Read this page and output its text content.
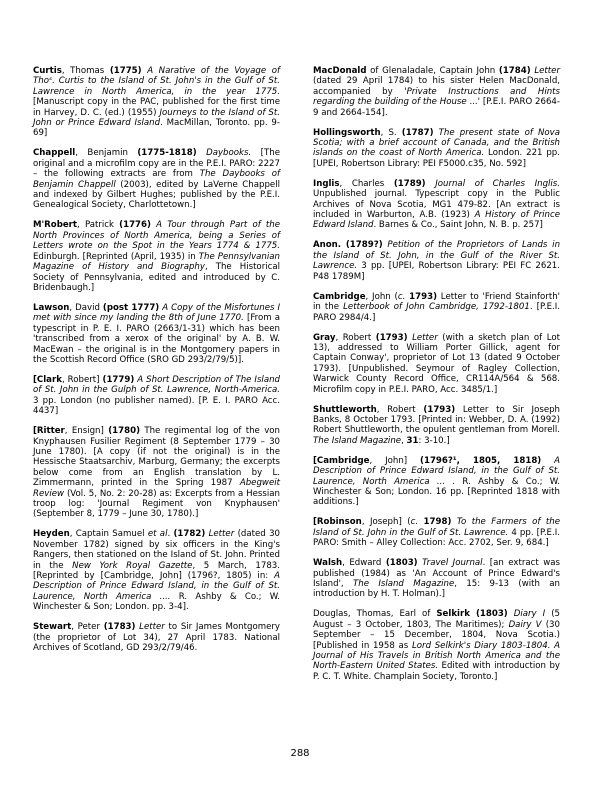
Curtis, Thomas (1775) A Narative of the Voyage of Thoˢ. Curtis to the Island of St. John's in the Gulf of St. Lawrence in North America, in the year 1775. [Manuscript copy in the PAC, published for the first time in Harvey, D. C. (ed.) (1955) Journeys to the Island of St. John or Prince Edward Island. MacMillan, Toronto. pp. 9-69]

Chappell, Benjamin (1775-1818) Daybooks. [The original and a microfilm copy are in the P.E.I. PARO: 2227 – the following extracts are from The Daybooks of Benjamin Chappell (2003), edited by LaVerne Chappell and indexed by Gilbert Hughes; published by the P.E.I. Genealogical Society, Charlottetown.]

M'Robert, Patrick (1776) A Tour through Part of the North Provinces of North America, being a Series of Letters wrote on the Spot in the Years 1774 & 1775. Edinburgh. [Reprinted (April, 1935) in The Pennsylvanian Magazine of History and Biography, The Historical Society of Pennsylvania, edited and introduced by C. Bridenbaugh.]

Lawson, David (post 1777) A Copy of the Misfortunes I met with since my landing the 8th of June 1770. [From a typescript in P. E. I. PARO (2663/1-31) which has been 'transcribed from a xerox of the original' by A. B. W. MacEwan – the original is in the Montgomery papers in the Scottish Record Office (SRO GD 293/2/79/5)].

[Clark, Robert] (1779) A Short Description of The Island of St. John in the Gulph of St. Lawrence, North-America. 3 pp. London (no publisher named). [P. E. I. PARO Acc. 4437]

[Ritter, Ensign] (1780) The regimental log of the von Knyphausen Fusilier Regiment (8 September 1779 – 30 June 1780). [A copy (if not the original) is in the Hessische Staatsarchiv, Marburg, Germany; the excerpts below come from an English translation by L. Zimmermann, printed in the Spring 1987 Abegweit Review (Vol. 5, No. 2: 20-28) as: Excerpts from a Hessian troop log: 'Journal Regiment von Knyphausen' (September 8, 1779 – June 30, 1780).]

Heyden, Captain Samuel et al. (1782) Letter (dated 30 November 1782) signed by six officers in the King's Rangers, then stationed on the Island of St. John. Printed in the New York Royal Gazette, 5 March, 1783. [Reprinted by [Cambridge, John] (1796?, 1805) in: A Description of Prince Edward Island, in the Gulf of St. Laurence, North America .... R. Ashby & Co.; W. Winchester & Son; London. pp. 3-4].

Stewart, Peter (1783) Letter to Sir James Montgomery (the proprietor of Lot 34), 27 April 1783. National Archives of Scotland, GD 293/2/79/46.

MacDonald of Glenaladale, Captain John (1784) Letter (dated 29 April 1784) to his sister Helen MacDonald, accompanied by 'Private Instructions and Hints regarding the building of the House ...' [P.E.I. PARO 2664-9 and 2664-154].

Hollingsworth, S. (1787) The present state of Nova Scotia; with a brief account of Canada, and the British islands on the coast of North America. London. 221 pp. [UPEI, Robertson Library: PEI F5000.c35, No. 592]

Inglis, Charles (1789) Journal of Charles Inglis. Unpublished journal. Typescript copy in the Public Archives of Nova Scotia, MG1 479-82. [An extract is included in Warburton, A.B. (1923) A History of Prince Edward Island. Barnes & Co., Saint John, N. B. p. 257]

Anon. (1789?) Petition of the Proprietors of Lands in the Island of St. John, in the Gulf of the River St. Lawrence. 3 pp. [UPEI, Robertson Library: PEI FC 2621. P48 1789M]

Cambridge, John (c. 1793) Letter to 'Friend Stainforth' in the Letterbook of John Cambridge, 1792-1801. [P.E.I. PARO 2984/4.]

Gray, Robert (1793) Letter (with a sketch plan of Lot 13), addressed to William Porter Gillick, agent for Captain Conway', proprietor of Lot 13 (dated 9 October 1793). [Unpublished. Seymour of Ragley Collection, Warwick County Record Office, CR114A/564 & 568. Microfilm copy in P.E.I. PARO, Acc. 3485/1.]

Shuttleworth, Robert (1793) Letter to Sir Joseph Banks, 8 October 1793. [Printed in: Webber, D. A. (1992) Robert Shuttleworth, the opulent gentleman from Morell. The Island Magazine, 31: 3-10.]

[Cambridge, John] (1796?¹, 1805, 1818) A Description of Prince Edward Island, in the Gulf of St. Laurence, North America ... . R. Ashby & Co.; W. Winchester & Son; London. 16 pp. [Reprinted 1818 with additions.]

[Robinson, Joseph] (c. 1798) To the Farmers of the Island of St. John in the Gulf of St. Lawrence. 4 pp. [P.E.I. PARO: Smith – Alley Collection: Acc. 2702, Ser. 9, 684.]

Walsh, Edward (1803) Travel Journal. [an extract was published (1984) as 'An Account of Prince Edward's Island', The Island Magazine, 15: 9-13 (with an introduction by H. T. Holman).]

Douglas, Thomas, Earl of Selkirk (1803) Diary I (5 August – 3 October, 1803, The Maritimes); Dairy V (30 September – 15 December, 1804, Nova Scotia.) [Published in 1958 as Lord Selkirk's Diary 1803-1804. A Journal of His Travels in British North America and the North-Eastern United States. Edited with introduction by P. C. T. White. Champlain Society, Toronto.]

288
